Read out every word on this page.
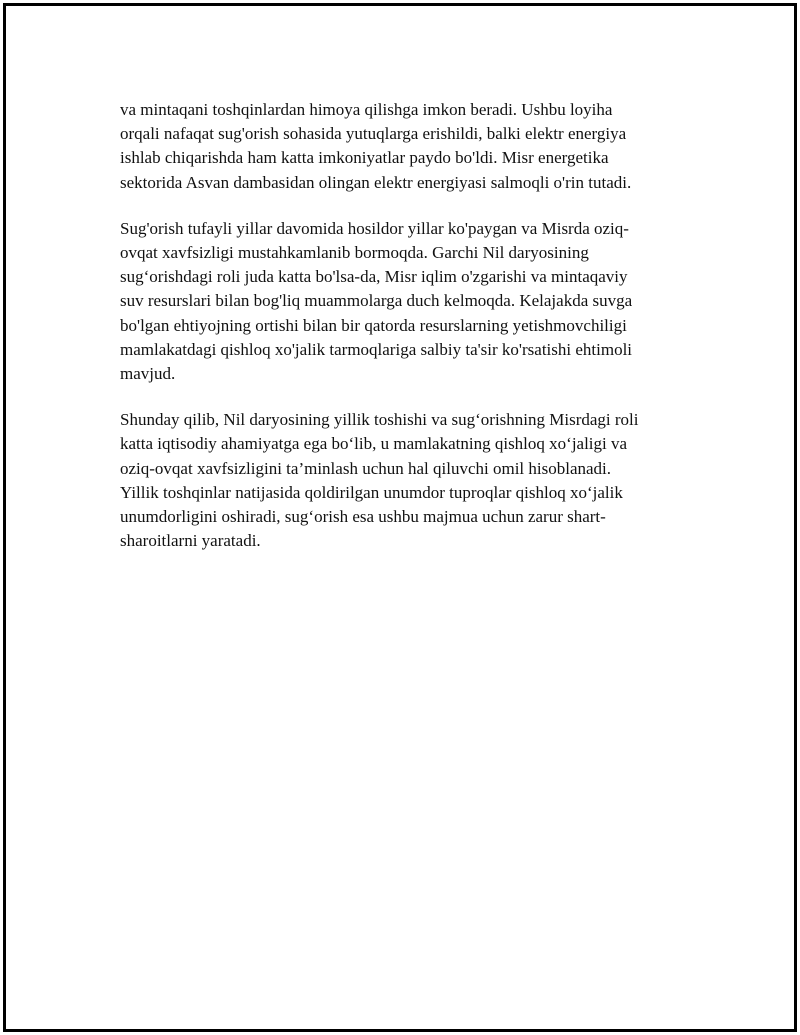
va mintaqani toshqinlardan himoya qilishga imkon beradi. Ushbu loyiha
orqali nafaqat sug'orish sohasida yutuqlarga erishildi, balki elektr energiya
ishlab chiqarishda ham katta imkoniyatlar paydo bo'ldi. Misr energetika
sektorida Asvan dambasidan olingan elektr energiyasi salmoqli o'rin tutadi.

Sug'orish tufayli yillar davomida hosildor yillar ko'paygan va Misrda oziq-
ovqat xavfsizligi mustahkamlanib bormoqda. Garchi Nil daryosining
sug‘orishdagi roli juda katta bo'lsa-da, Misr iqlim o'zgarishi va mintaqaviy
suv resurslari bilan bog'liq muammolarga duch kelmoqda. Kelajakda suvga
bo'lgan ehtiyojning ortishi bilan bir qatorda resurslarning yetishmovchiligi
mamlakatdagi qishloq xo'jalik tarmoqlariga salbiy ta'sir ko'rsatishi ehtimoli
mavjud.

Shunday qilib, Nil daryosining yillik toshishi va sug‘orishning Misrdagi roli
katta iqtisodiy ahamiyatga ega bo‘lib, u mamlakatning qishloq xo‘jaligi va
oziq-ovqat xavfsizligini ta’minlash uchun hal qiluvchi omil hisoblanadi.
Yillik toshqinlar natijasida qoldirilgan unumdor tuproqlar qishloq xo‘jalik
unumdorligini oshiradi, sug‘orish esa ushbu majmua uchun zarur shart-
sharoitlarni yaratadi.
